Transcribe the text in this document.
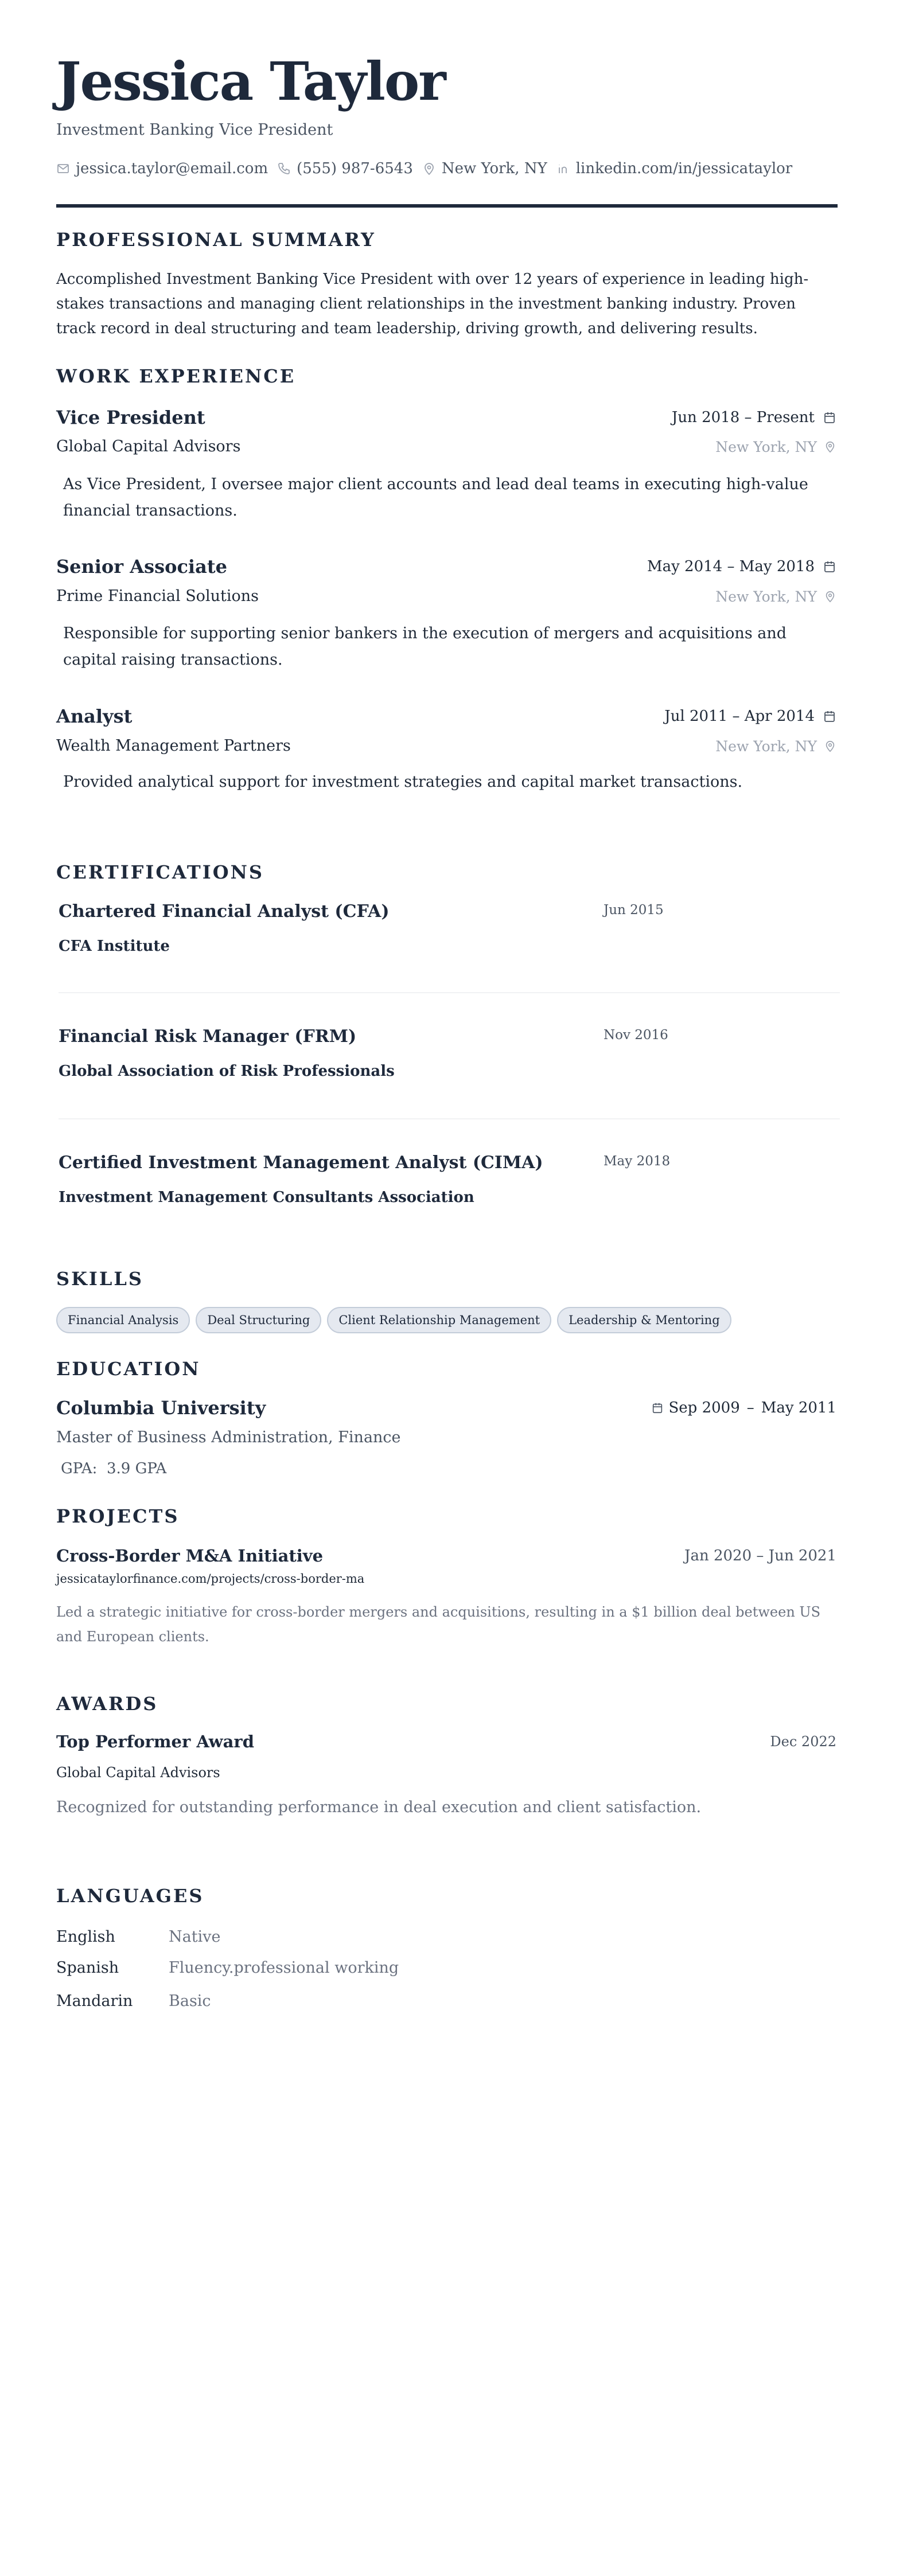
Jessica Taylor
Investment Banking Vice President
jessica.taylor@email.com (555) 987-6543 New York, NY linkedin.com/in/jessicataylor
PROFESSIONAL SUMMARY
Accomplished Investment Banking Vice President with over 12 years of experience in leading high-stakes transactions and managing client relationships in the investment banking industry. Proven track record in deal structuring and team leadership, driving growth, and delivering results.
WORK EXPERIENCE
Vice President	Jun 2018 – Present
Global Capital Advisors	New York, NY
As Vice President, I oversee major client accounts and lead deal teams in executing high-value financial transactions.
Senior Associate	May 2014 – May 2018
Prime Financial Solutions	New York, NY
Responsible for supporting senior bankers in the execution of mergers and acquisitions and capital raising transactions.
Analyst	Jul 2011 – Apr 2014
Wealth Management Partners	New York, NY
Provided analytical support for investment strategies and capital market transactions.
CERTIFICATIONS
Chartered Financial Analyst (CFA)	Jun 2015
CFA Institute
Financial Risk Manager (FRM)	Nov 2016
Global Association of Risk Professionals
Certified Investment Management Analyst (CIMA)	May 2018
Investment Management Consultants Association
SKILLS
Financial Analysis	Deal Structuring	Client Relationship Management	Leadership & Mentoring
EDUCATION
Columbia University	Sep 2009 – May 2011
Master of Business Administration, Finance
GPA: 3.9 GPA
PROJECTS
Cross-Border M&A Initiative	Jan 2020 – Jun 2021
jessicataylorfinance.com/projects/cross-border-ma
Led a strategic initiative for cross-border mergers and acquisitions, resulting in a $1 billion deal between US and European clients.
AWARDS
Top Performer Award	Dec 2022
Global Capital Advisors
Recognized for outstanding performance in deal execution and client satisfaction.
LANGUAGES
English	Native
Spanish	Fluency.professional working
Mandarin	Basic
